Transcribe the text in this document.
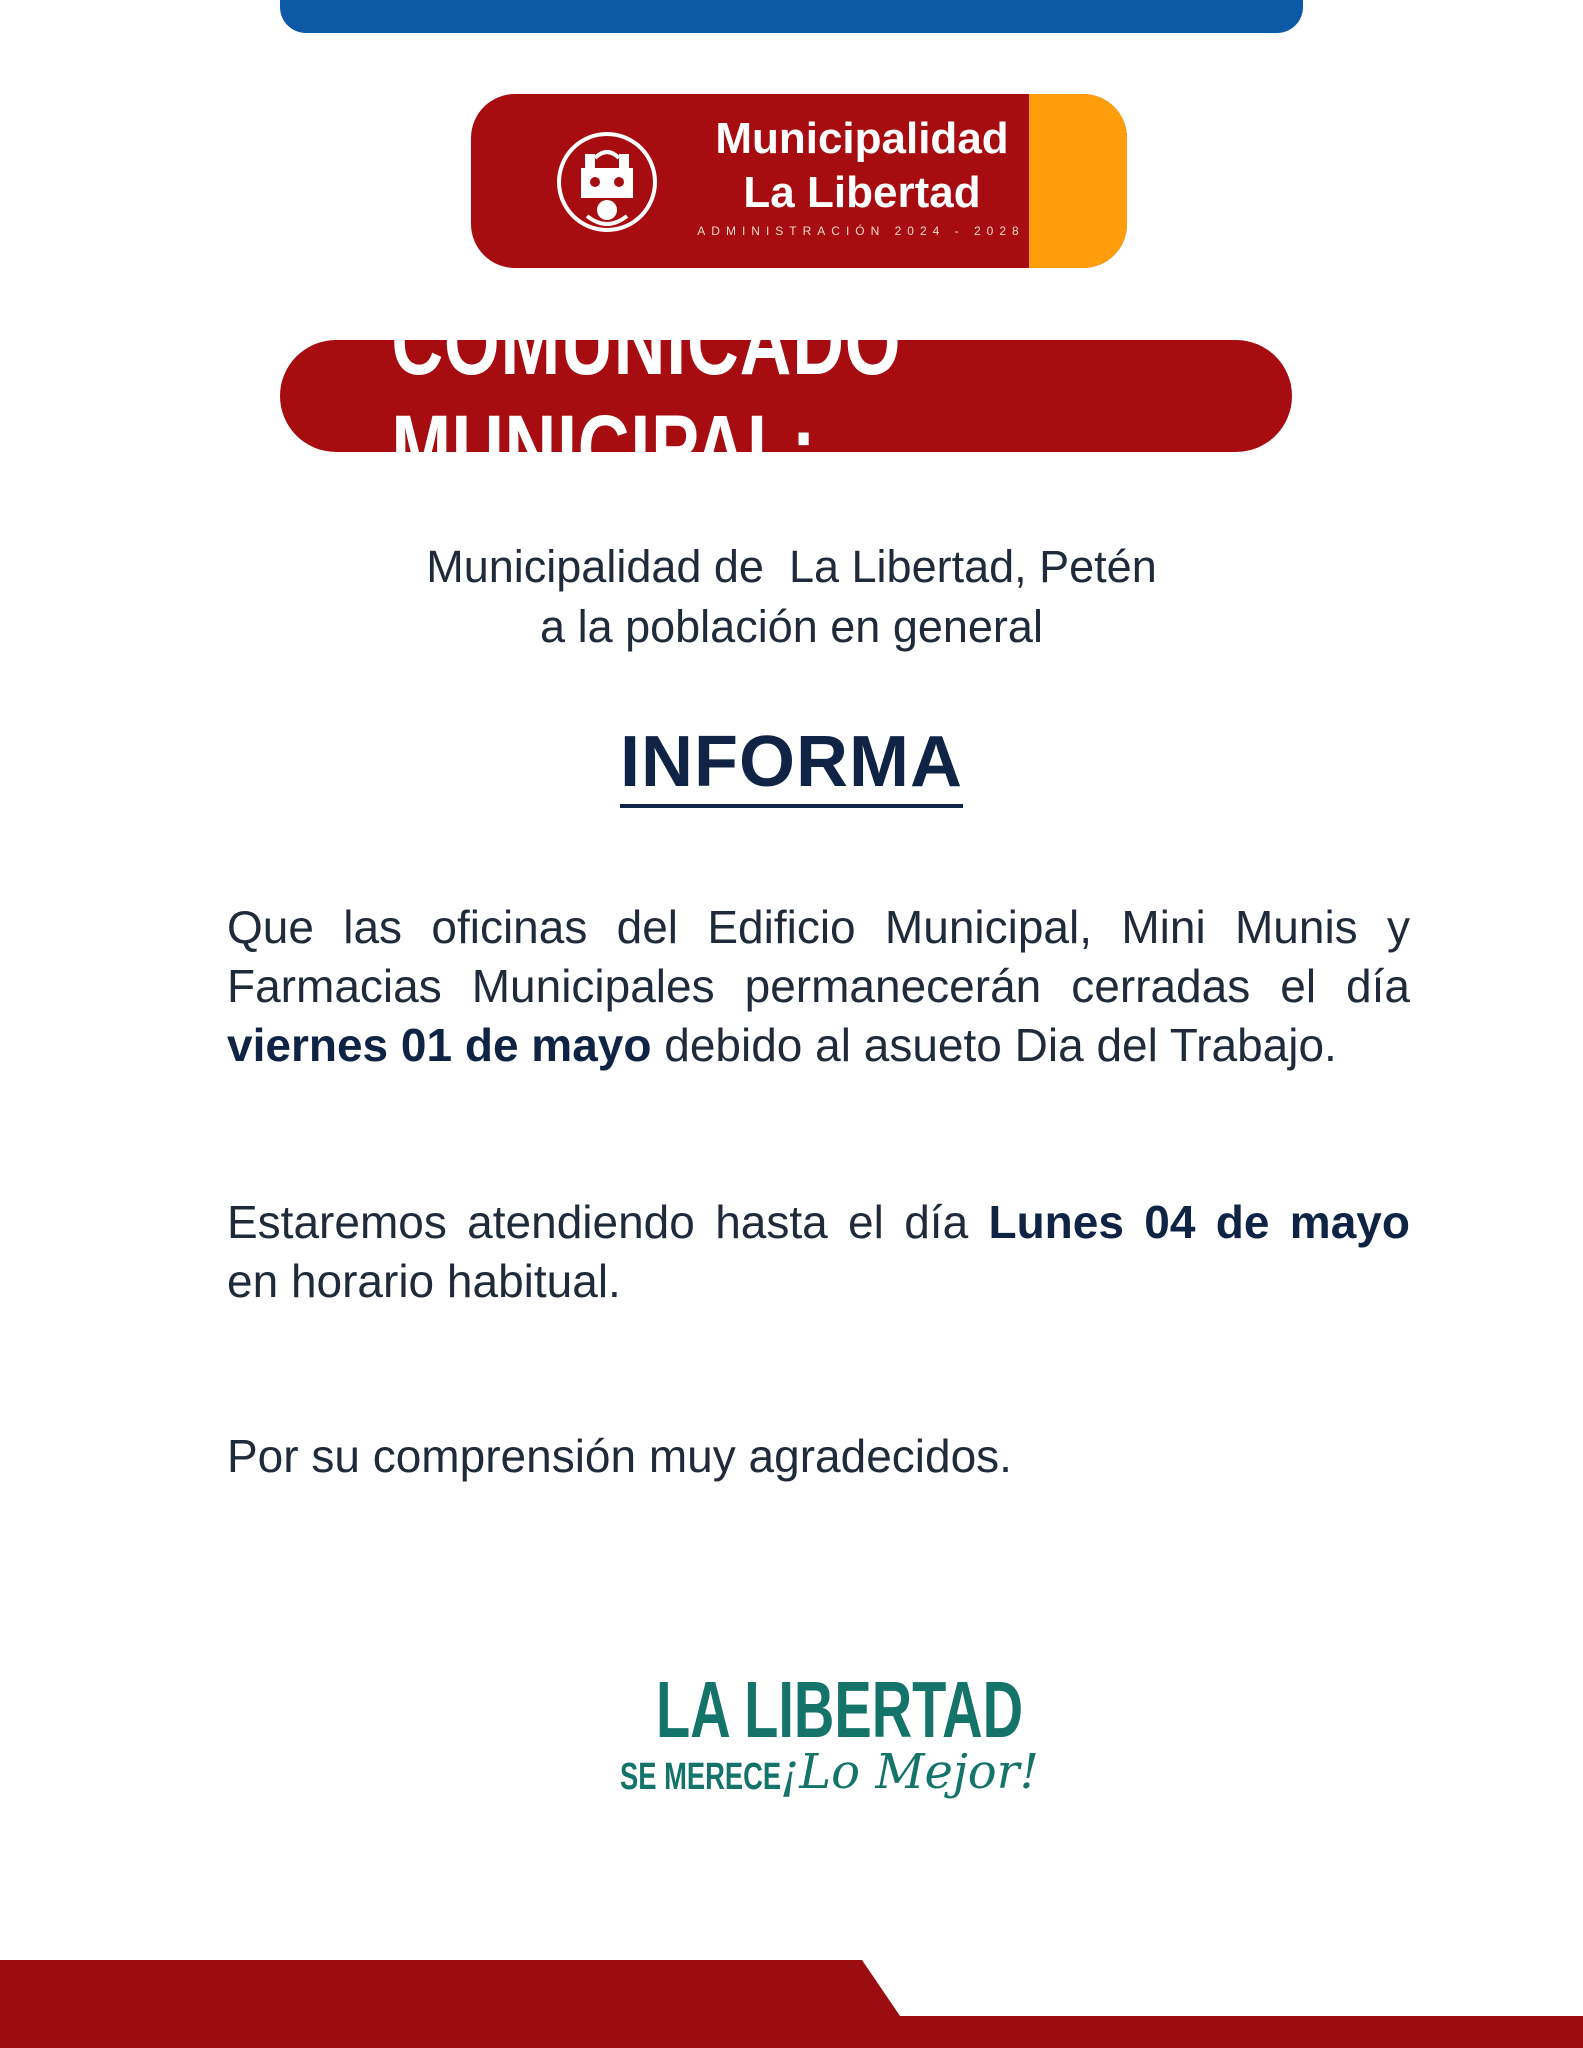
Municipalidad
La Libertad
ADMINISTRACIÓN 2024 - 2028
COMUNICADO MUNICIPAL:
Municipalidad de  La Libertad, Petén
a la población en general
INFORMA

Que las oficinas del Edificio Municipal, Mini Munis y Farmacias Municipales permanecerán cerradas el día viernes 01 de mayo debido al asueto Dia del Trabajo.

Estaremos atendiendo hasta el día Lunes 04 de mayo  en horario habitual.

Por su comprensión muy agradecidos.

LA LIBERTAD
SE MERECE
¡Lo Mejor!
